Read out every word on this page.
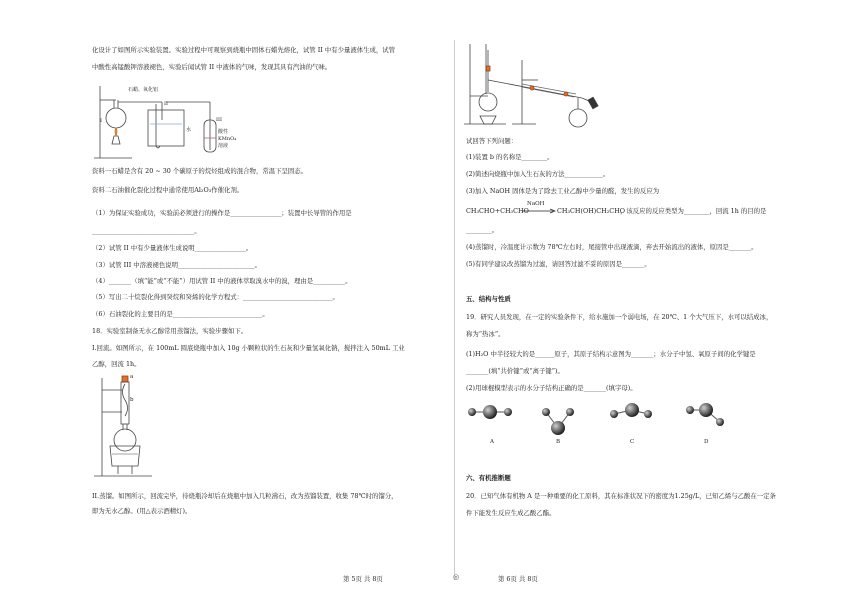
化设计了如图所示实验装置。实验过程中可观察到烧瓶中固体石蜡先熔化，试管 II 中有少量液体生成，试管
中酸性高锰酸钾溶液褪色，实验后闻试管 II 中液体的气味，发现其具有汽油的气味。
石蜡、氧化铝
I
II
水
III
酸性
KMnO₄
溶液
资料一石蜡是含有 20 ~ 30 个碳原子的烷烃组成的混合物，常温下呈固态。
资料二石油催化裂化过程中通常使用Al₂O₃作催化剂。
（1）为保证实验成功，实验前必须进行的操作是________________；装置中长导管的作用是
________________________________。
（2）试管 II 中有少量液体生成说明________________。
（3）试管 III 中溶液褪色说明________________________。
（4）_______（填“能”或“不能”）用试管 II 中的液体萃取溴水中的溴，理由是__________。
（5）写出二十烷裂化得到癸烷和癸烯的化学方程式：____________________________。
（6）石油裂化的主要目的是____________________________。
18．实验室制备无水乙醇常用蒸馏法，实验步骤如下。
I.回流。如图所示，在 100mL 圆底烧瓶中加入 10g 小颗粒状的生石灰和少量氢氧化钠，搅拌注入 50mL 工业
乙醇，回流 1h。
a
b
II.蒸馏。如图所示，回流完毕，待烧瓶冷却后在烧瓶中加入几粒沸石，改为蒸馏装置，收集 78℃时的馏分，
即为无水乙醇。(用△表示酒精灯)。
第 5页 共 8页
试回答下列问题：
(1)装置 b 的名称是________。
(2)简述向烧瓶中加入生石灰的方法____________。
(3)加入 NaOH 固体是为了除去工业乙醇中少量的醛，发生的反应为
CH₃CHO+CH₃CHO
NaOH
→ CH₃CH(OH)CH₂CHO
，该反应的反应类型为________，回流 1h 的目的是
________。
(4)蒸馏时，冷温度计示数为 78℃左右时，尾接管中出现液滴，弃去开始流出的液体，原因是_______。
(5)有同学建议改蒸馏为过滤，请回答过滤不妥的原因是_______。
五、结构与性质
19．研究人员发现，在一定的实验条件下，给水施加一个弱电场，在 20℃、1 个大气压下，水可以结成冰，
称为“热冰”。
(1)H₂O 中半径较大的是______原子，其原子结构示意图为_______；水分子中氢、氧原子间的化学键是
_______(填“共价键”或“离子键”)。
(2)用球棍模型表示的水分子结构正确的是_______(填字母)。
A	B	C	D
六、有机推断题
20．已知气体有机物 A 是一种重要的化工原料，其在标准状况下的密度为1.25g/L，已知乙烯与乙酸在一定条
件下能发生反应生成乙酸乙酯。
第 6页 共 8页
◎
